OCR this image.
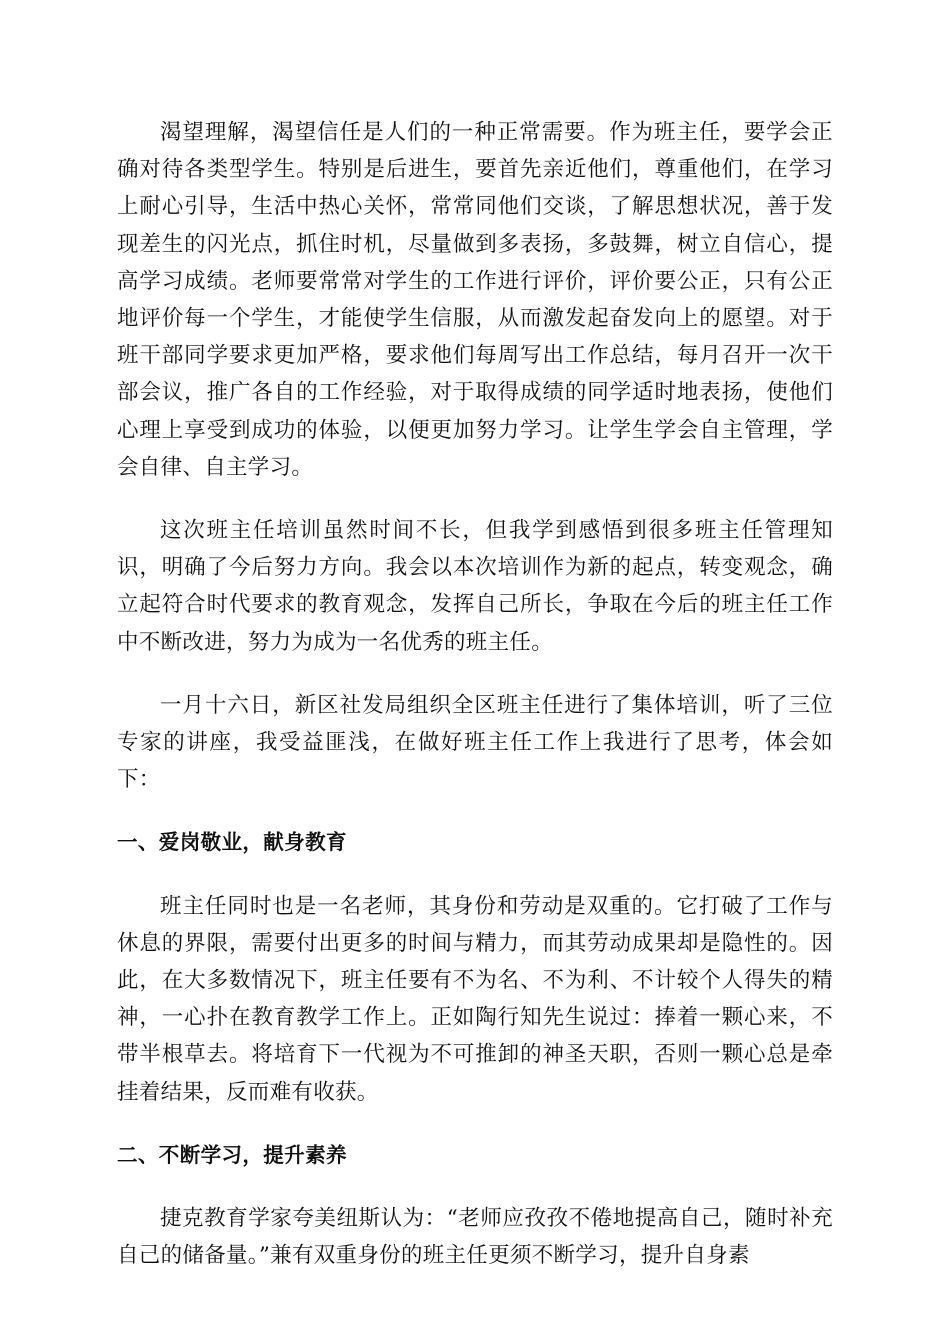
渴望理解，渴望信任是人们的一种正常需要。作为班主任，要学会正确对待各类型学生。特别是后进生，要首先亲近他们，尊重他们，在学习上耐心引导，生活中热心关怀，常常同他们交谈，了解思想状况，善于发现差生的闪光点，抓住时机，尽量做到多表扬，多鼓舞，树立自信心，提高学习成绩。老师要常常对学生的工作进行评价，评价要公正，只有公正地评价每一个学生，才能使学生信服，从而激发起奋发向上的愿望。对于班干部同学要求更加严格，要求他们每周写出工作总结，每月召开一次干部会议，推广各自的工作经验，对于取得成绩的同学适时地表扬，使他们心理上享受到成功的体验，以便更加努力学习。让学生学会自主管理，学会自律、自主学习。

这次班主任培训虽然时间不长，但我学到感悟到很多班主任管理知识，明确了今后努力方向。我会以本次培训作为新的起点，转变观念，确立起符合时代要求的教育观念，发挥自己所长，争取在今后的班主任工作中不断改进，努力为成为一名优秀的班主任。

一月十六日，新区社发局组织全区班主任进行了集体培训，听了三位专家的讲座，我受益匪浅，在做好班主任工作上我进行了思考，体会如下：

一、爱岗敬业，献身教育

班主任同时也是一名老师，其身份和劳动是双重的。它打破了工作与休息的界限，需要付出更多的时间与精力，而其劳动成果却是隐性的。因此，在大多数情况下，班主任要有不为名、不为利、不计较个人得失的精神，一心扑在教育教学工作上。正如陶行知先生说过：捧着一颗心来，不带半根草去。将培育下一代视为不可推卸的神圣天职，否则一颗心总是牵挂着结果，反而难有收获。

二、不断学习，提升素养

捷克教育学家夸美纽斯认为：“老师应孜孜不倦地提高自己，随时补充自己的储备量。”兼有双重身份的班主任更须不断学习，提升自身素
